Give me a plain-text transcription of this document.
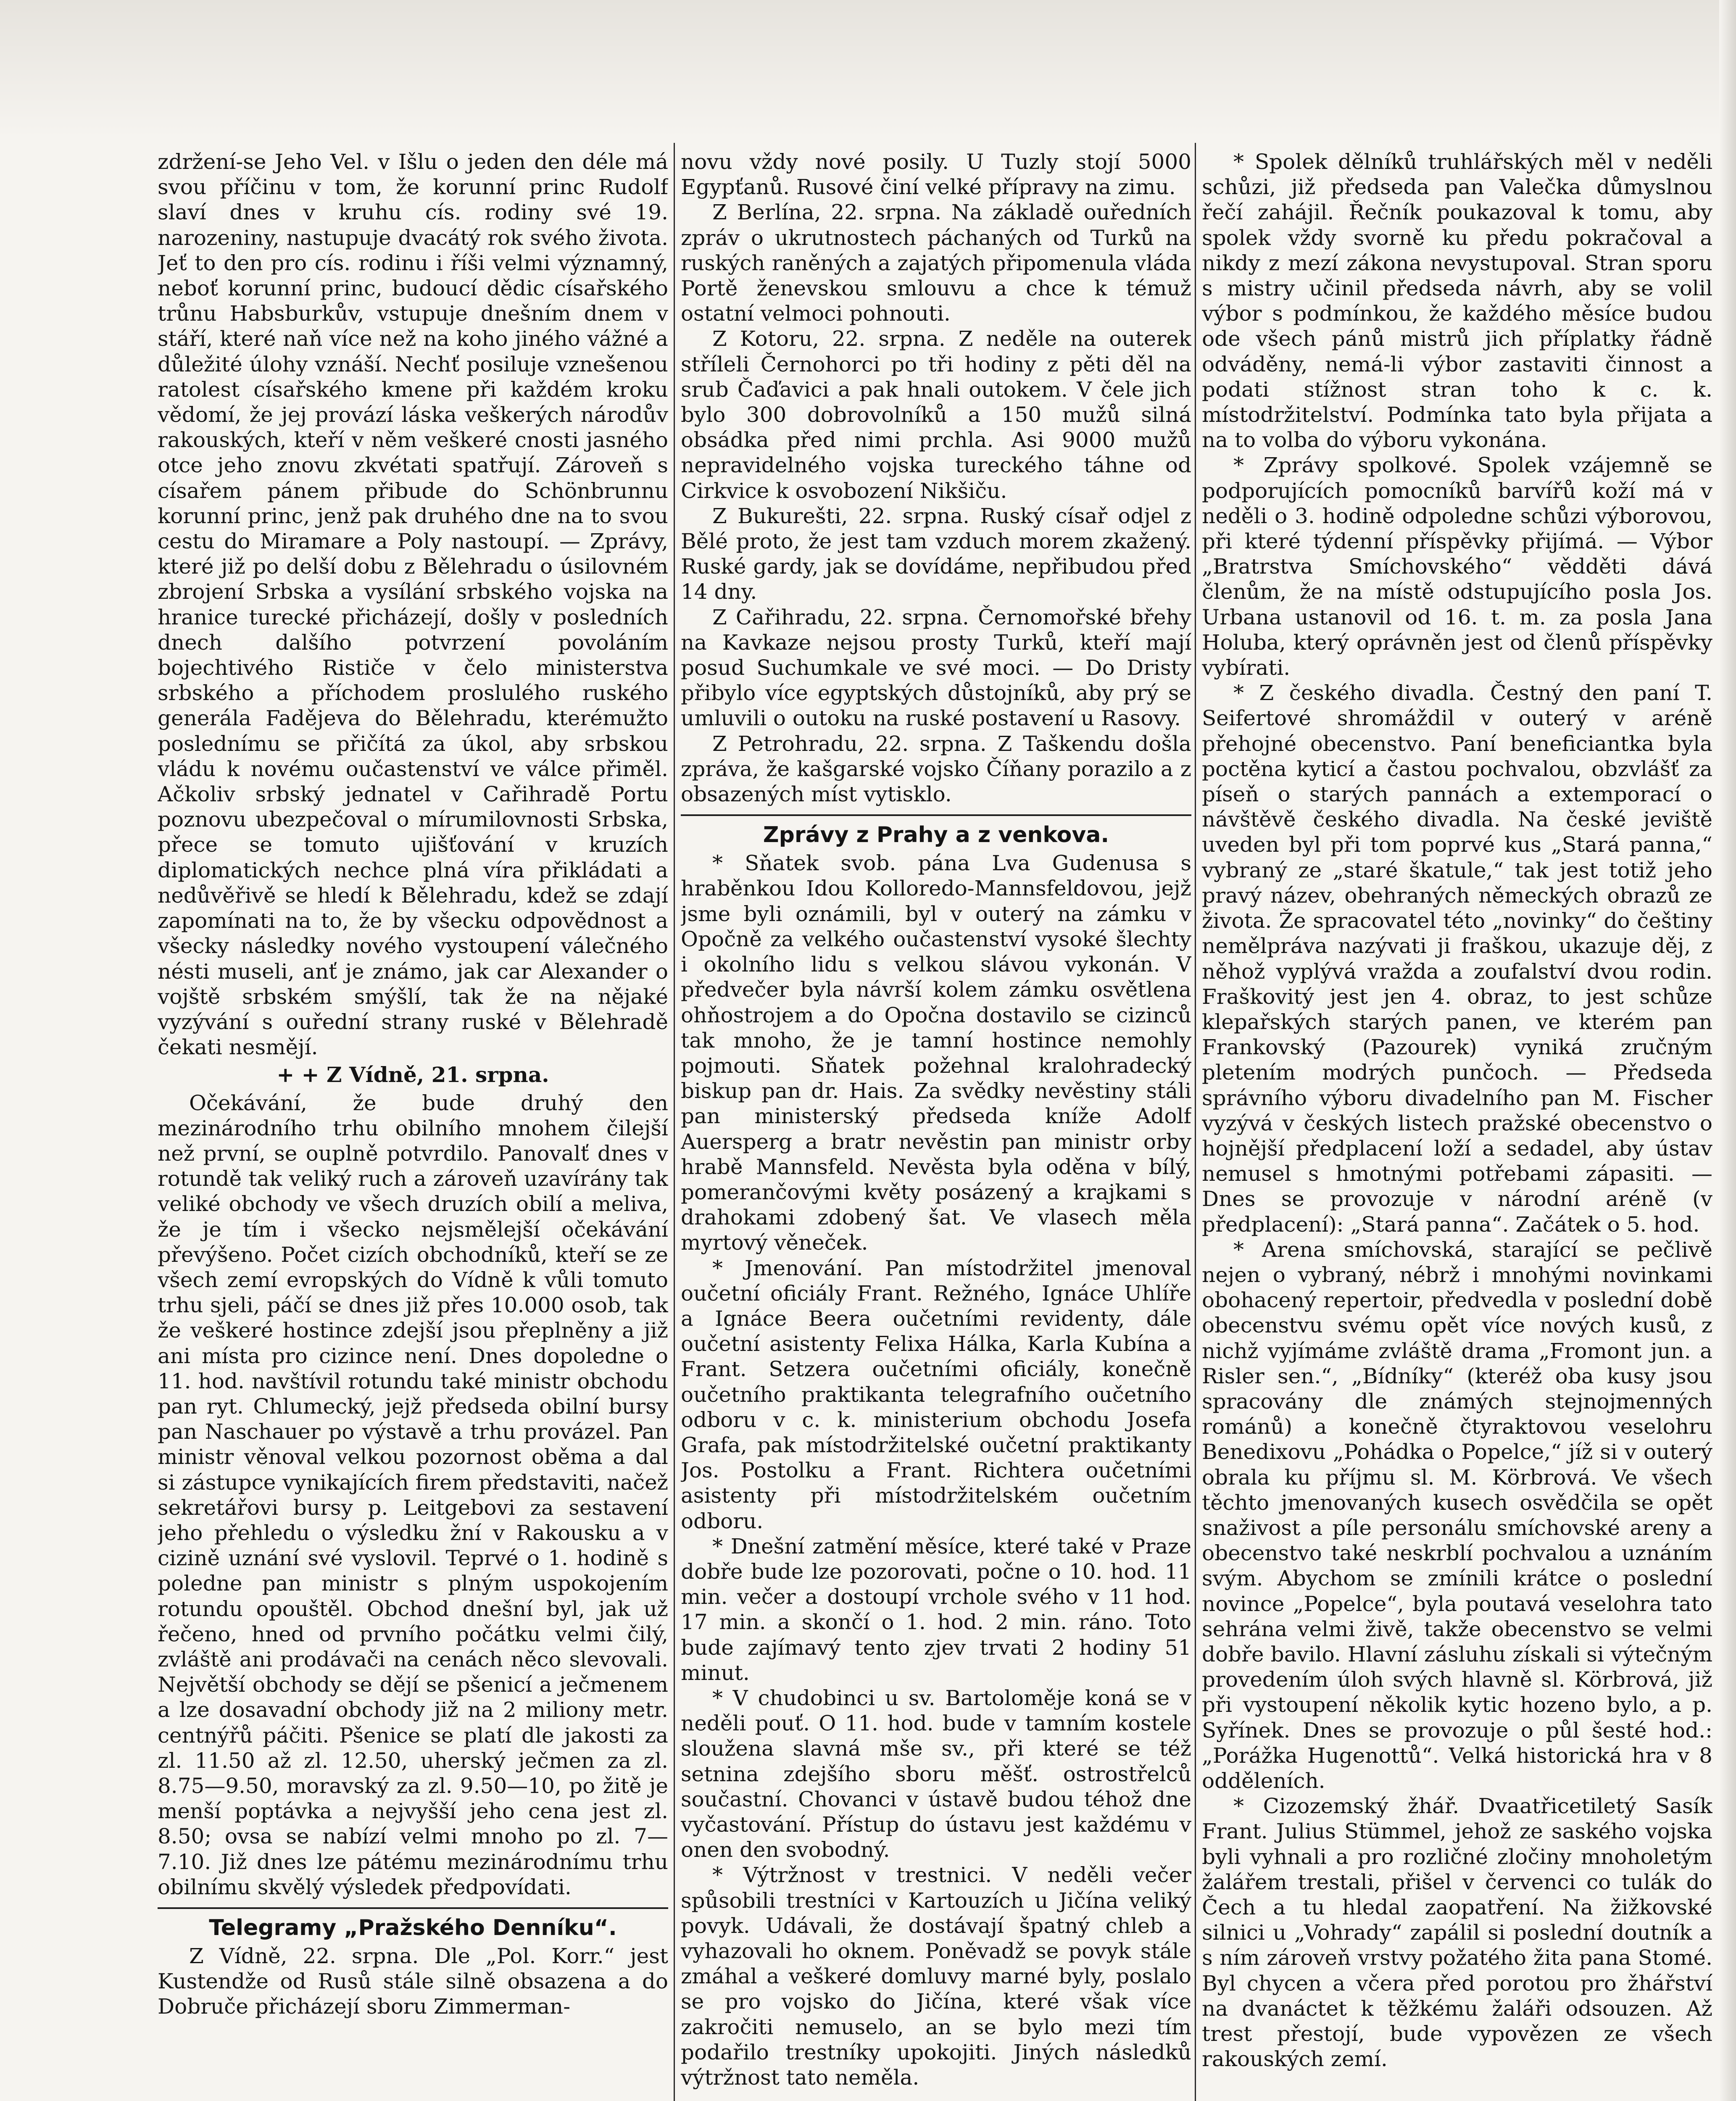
zdržení-se Jeho Vel. v Išlu o jeden den déle má svou příčinu v tom, že korunní princ Rudolf slaví dnes v kruhu cís. rodiny své 19. narozeniny, nastupuje dvacátý rok svého života. Jeť to den pro cís. rodinu i říši velmi významný, neboť korunní princ, budoucí dědic císařského trůnu Habsburkův, vstupuje dnešním dnem v stáří, které naň více než na koho jiného vážné a důležité úlohy vznáší. Nechť posiluje vznešenou ratolest císařského kmene při každém kroku vědomí, že jej provází láska veškerých národův rakouských, kteří v něm veškeré cnosti jasného otce jeho znovu zkvétati spatřují. Zároveň s císařem pánem přibude do Schönbrunnu korunní princ, jenž pak druhého dne na to svou cestu do Miramare a Poly nastoupí. — Zprávy, které již po delší dobu z Bělehradu o úsilovném zbrojení Srbska a vysílání srbského vojska na hranice turecké přicházejí, došly v posledních dnech dalšího potvrzení povoláním bojechtivého Rističe v čelo ministerstva srbského a příchodem proslulého ruského generála Fadějeva do Bělehradu, kterémužto poslednímu se přičítá za úkol, aby srbskou vládu k novému oučastenství ve válce přiměl. Ačkoliv srbský jednatel v Cařihradě Portu poznovu ubezpečoval o mírumilovnosti Srbska, přece se tomuto ujišťování v kruzích diplomatických nechce plná víra přikládati a nedůvěřivě se hledí k Bělehradu, kdež se zdají zapomínati na to, že by všecku odpovědnost a všecky následky nového vystoupení válečného nésti museli, anť je známo, jak car Alexander o vojště srbském smýšlí, tak že na nějaké vyzývání s ouřední strany ruské v Bělehradě čekati nesmějí.

+ + Z Vídně, 21. srpna.

Očekávání, že bude druhý den mezinárodního trhu obilního mnohem čilejší než první, se ouplně potvrdilo. Panovalť dnes v rotundě tak veliký ruch a zároveň uzavírány tak veliké obchody ve všech druzích obilí a meliva, že je tím i všecko nejsmělejší očekávání převýšeno. Počet cizích obchodníků, kteří se ze všech zemí evropských do Vídně k vůli tomuto trhu sjeli, páčí se dnes již přes 10.000 osob, tak že veškeré hostince zdejší jsou přeplněny a již ani místa pro cizince není. Dnes dopoledne o 11. hod. navštívil rotundu také ministr obchodu pan ryt. Chlumecký, jejž předseda obilní bursy pan Naschauer po výstavě a trhu provázel. Pan ministr věnoval velkou pozornost oběma a dal si zástupce vynikajících firem představiti, načež sekretářovi bursy p. Leitgebovi za sestavení jeho přehledu o výsledku žní v Rakousku a v cizině uznání své vyslovil. Teprvé o 1. hodině s poledne pan ministr s plným uspokojením rotundu opouštěl. Obchod dnešní byl, jak už řečeno, hned od prvního počátku velmi čilý, zvláště ani prodávači na cenách něco slevovali. Největší obchody se dějí se pšenicí a ječmenem a lze dosavadní obchody již na 2 miliony metr. centnýřů páčiti. Pšenice se platí dle jakosti za zl. 11.50 až zl. 12.50, uherský ječmen za zl. 8.75—9.50, moravský za zl. 9.50—10, po žitě je menší poptávka a nejvyšší jeho cena jest zl. 8.50; ovsa se nabízí velmi mnoho po zl. 7—7.10. Již dnes lze pátému mezinárodnímu trhu obilnímu skvělý výsledek předpovídati.

Telegramy „Pražského Denníku“.

Z Vídně, 22. srpna. Dle „Pol. Korr.“ jest Kustendže od Rusů stále silně obsazena a do Dobruče přicházejí sboru Zimmerman-

novu vždy nové posily. U Tuzly stojí 5000 Egypťanů. Rusové činí velké přípravy na zimu.

Z Berlína, 22. srpna. Na základě ouředních zpráv o ukrutnostech páchaných od Turků na ruských raněných a zajatých připomenula vláda Portě ženevskou smlouvu a chce k témuž ostatní velmoci pohnouti.

Z Kotoru, 22. srpna. Z neděle na outerek stříleli Černohorci po tři hodiny z pěti děl na srub Čaďavici a pak hnali outokem. V čele jich bylo 300 dobrovolníků a 150 mužů silná obsádka před nimi prchla. Asi 9000 mužů nepravidelného vojska tureckého táhne od Cirkvice k osvobození Nikšiču.

Z Bukurešti, 22. srpna. Ruský císař odjel z Bělé proto, že jest tam vzduch morem zkažený. Ruské gardy, jak se dovídáme, nepřibudou před 14 dny.

Z Cařihradu, 22. srpna. Černomořské břehy na Kavkaze nejsou prosty Turků, kteří mají posud Suchumkale ve své moci. — Do Dristy přibylo více egyptských důstojníků, aby prý se umluvili o outoku na ruské postavení u Rasovy.

Z Petrohradu, 22. srpna. Z Taškendu došla zpráva, že kašgarské vojsko Číňany porazilo a z obsazených míst vytisklo.

Zprávy z Prahy a z venkova.

* Sňatek svob. pána Lva Gudenusa s hraběnkou Idou Kolloredo-Mannsfeldovou, jejž jsme byli oznámili, byl v outerý na zámku v Opočně za velkého oučastenství vysoké šlechty i okolního lidu s velkou slávou vykonán. V předvečer byla návrší kolem zámku osvětlena ohňostrojem a do Opočna dostavilo se cizinců tak mnoho, že je tamní hostince nemohly pojmouti. Sňatek požehnal kralohradecký biskup pan dr. Hais. Za svědky nevěstiny stáli pan ministerský předseda kníže Adolf Auersperg a bratr nevěstin pan ministr orby hrabě Mannsfeld. Nevěsta byla oděna v bílý, pomerančovými květy posázený a krajkami s drahokami zdobený šat. Ve vlasech měla myrtový věneček.

* Jmenování. Pan místodržitel jmenoval oučetní oficiály Frant. Režného, Ignáce Uhlíře a Ignáce Beera oučetními revidenty, dále oučetní asistenty Felixa Hálka, Karla Kubína a Frant. Setzera oučetními oficiály, konečně oučetního praktikanta telegrafního oučetního odboru v c. k. ministerium obchodu Josefa Grafa, pak místodržitelské oučetní praktikanty Jos. Postolku a Frant. Richtera oučetními asistenty při místodržitelském oučetním odboru.

* Dnešní zatmění měsíce, které také v Praze dobře bude lze pozorovati, počne o 10. hod. 11 min. večer a dostoupí vrchole svého v 11 hod. 17 min. a skončí o 1. hod. 2 min. ráno. Toto bude zajímavý tento zjev trvati 2 hodiny 51 minut.

* V chudobinci u sv. Bartoloměje koná se v neděli pouť. O 11. hod. bude v tamním kostele sloužena slavná mše sv., při které se též setnina zdejšího sboru měšť. ostrostřelců součastní. Chovanci v ústavě budou téhož dne vyčastování. Přístup do ústavu jest každému v onen den svobodný.

* Výtržnost v trestnici. V neděli večer spůsobili trestníci v Kartouzích u Jičína veliký povyk. Udávali, že dostávají špatný chleb a vyhazovali ho oknem. Poněvadž se povyk stále zmáhal a veškeré domluvy marné byly, poslalo se pro vojsko do Jičína, které však více zakročiti nemuselo, an se bylo mezi tím podařilo trestníky upokojiti. Jiných následků výtržnost tato neměla.

* Spolek dělníků truhlářských měl v neděli schůzi, již předseda pan Valečka důmyslnou řečí zahájil. Řečník poukazoval k tomu, aby spolek vždy svorně ku předu pokračoval a nikdy z mezí zákona nevystupoval. Stran sporu s mistry učinil předseda návrh, aby se volil výbor s podmínkou, že každého měsíce budou ode všech pánů mistrů jich příplatky řádně odváděny, nemá-li výbor zastaviti činnost a podati stížnost stran toho k c. k. místodržitelství. Podmínka tato byla přijata a na to volba do výboru vykonána.

* Zprávy spolkové. Spolek vzájemně se podporujících pomocníků barvířů koží má v neděli o 3. hodině odpoledne schůzi výborovou, při které týdenní příspěvky přijímá. — Výbor „Bratrstva Smíchovského“ vědděti dává členům, že na místě odstupujícího posla Jos. Urbana ustanovil od 16. t. m. za posla Jana Holuba, který oprávněn jest od členů příspěvky vybírati.

* Z českého divadla. Čestný den paní T. Seifertové shromáždil v outerý v aréně přehojné obecenstvo. Paní beneficiantka byla poctěna kyticí a častou pochvalou, obzvlášť za píseň o starých pannách a extemporací o návštěvě českého divadla. Na české jeviště uveden byl při tom poprvé kus „Stará panna,“ vybraný ze „staré škatule,“ tak jest totiž jeho pravý název, obehraných německých obrazů ze života. Že spracovatel této „novinky“ do češtiny nemělpráva nazývati ji fraškou, ukazuje děj, z něhož vyplývá vražda a zoufalství dvou rodin. Fraškovitý jest jen 4. obraz, to jest schůze klepařských starých panen, ve kterém pan Frankovský (Pazourek) vyniká zručným pletením modrých punčoch. — Předseda správního výboru divadelního pan M. Fischer vyzývá v českých listech pražské obecenstvo o hojnější předplacení loží a sedadel, aby ústav nemusel s hmotnými potřebami zápasiti. — Dnes se provozuje v národní aréně (v předplacení): „Stará panna“. Začátek o 5. hod.

* Arena smíchovská, starající se pečlivě nejen o vybraný, nébrž i mnohými novinkami obohacený repertoir, předvedla v poslední době obecenstvu svému opět více nových kusů, z nichž vyjímáme zvláště drama „Fromont jun. a Risler sen.“, „Bídníky“ (kteréž oba kusy jsou spracovány dle známých stejnojmenných románů) a konečně čtyraktovou veselohru Benedixovu „Pohádka o Popelce,“ jíž si v outerý obrala ku příjmu sl. M. Körbrová. Ve všech těchto jmenovaných kusech osvědčila se opět snaživost a píle personálu smíchovské areny a obecenstvo také neskrblí pochvalou a uznáním svým. Abychom se zmínili krátce o poslední novince „Popelce“, byla poutavá veselohra tato sehrána velmi živě, takže obecenstvo se velmi dobře bavilo. Hlavní zásluhu získali si výtečným provedením úloh svých hlavně sl. Körbrová, již při vystoupení několik kytic hozeno bylo, a p. Syřínek. Dnes se provozuje o půl šesté hod.: „Porážka Hugenottů“. Velká historická hra v 8 odděleních.

* Cizozemský žhář. Dvaatřicetiletý Sasík Frant. Julius Stümmel, jehož ze saského vojska byli vyhnali a pro rozličné zločiny mnoholetým žalářem trestali, přišel v červenci co tulák do Čech a tu hledal zaopatření. Na žižkovské silnici u „Vohrady“ zapálil si poslední doutník a s ním zároveň vrstvy požatého žita pana Stomé. Byl chycen a včera před porotou pro žhářství na dvanáctet k těžkému žaláři odsouzen. Až trest přestojí, bude vypovězen ze všech rakouských zemí.
